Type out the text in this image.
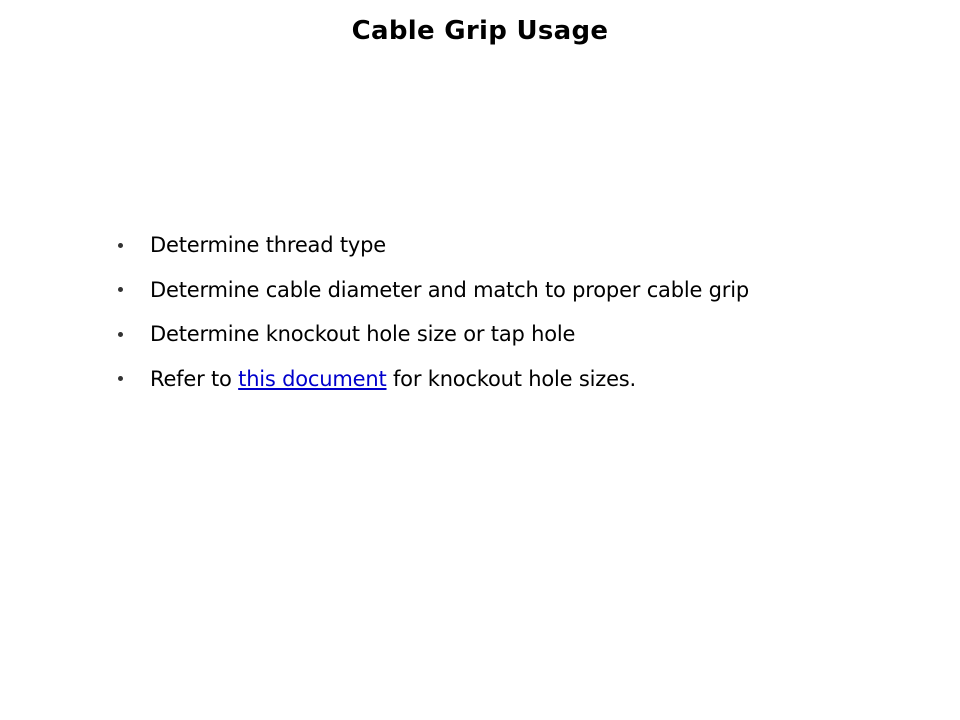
Cable Grip Usage
Determine thread type
Determine cable diameter and match to proper cable grip
Determine knockout hole size or tap hole
Refer to this document for knockout hole sizes.
